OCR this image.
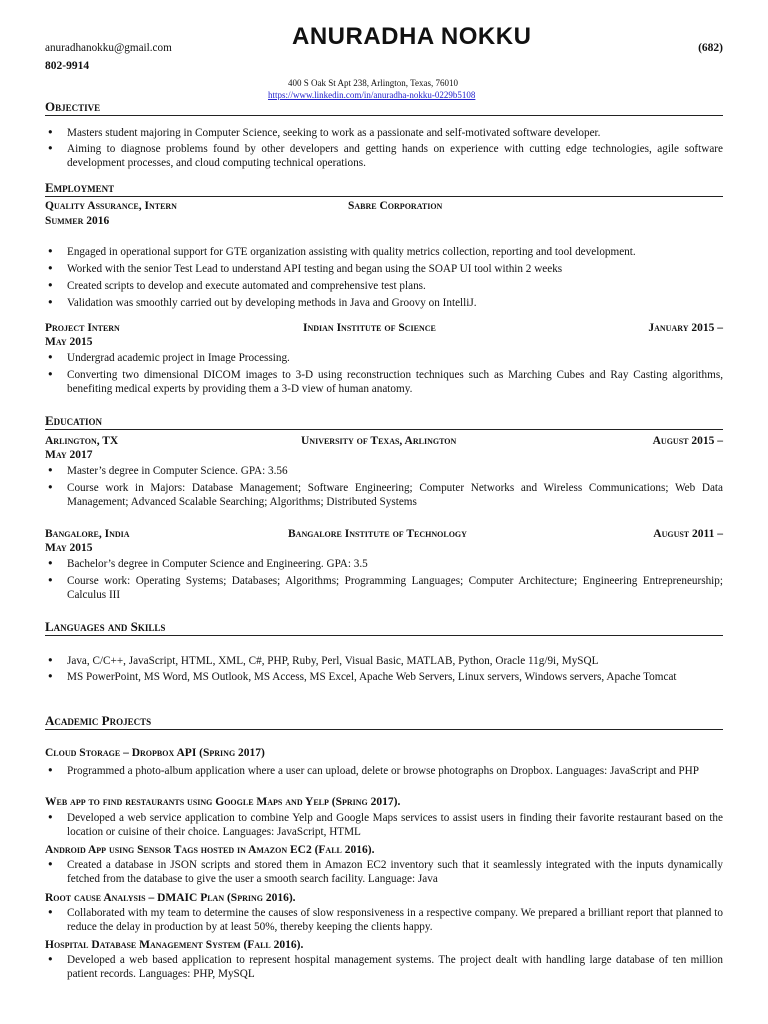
anuradhanokku@gmail.com	ANURADHA NOKKU	(682)
802-9914
400 S Oak St Apt 238, Arlington, Texas, 76010
https://www.linkedin.com/in/anuradha-nokku-0229b5108
Objective
• Masters student majoring in Computer Science, seeking to work as a passionate and self-motivated software developer.
• Aiming to diagnose problems found by other developers and getting hands on experience with cutting edge technologies, agile software development processes, and cloud computing technical operations.
Employment
Quality Assurance, Intern	Sabre Corporation
Summer 2016
• Engaged in operational support for GTE organization assisting with quality metrics collection, reporting and tool development.
• Worked with the senior Test Lead to understand API testing and began using the SOAP UI tool within 2 weeks
• Created scripts to develop and execute automated and comprehensive test plans.
• Validation was smoothly carried out by developing methods in Java and Groovy on IntelliJ.
Project Intern	Indian Institute of Science	January 2015 –
May 2015
• Undergrad academic project in Image Processing.
• Converting two dimensional DICOM images to 3-D using reconstruction techniques such as Marching Cubes and Ray Casting algorithms, benefiting medical experts by providing them a 3-D view of human anatomy.
Education
Arlington, TX	University of Texas, Arlington	August 2015 –
May 2017
• Master’s degree in Computer Science. GPA: 3.56
• Course work in Majors: Database Management; Software Engineering; Computer Networks and Wireless Communications; Web Data Management; Advanced Scalable Searching; Algorithms; Distributed Systems
Bangalore, India	Bangalore Institute of Technology	August 2011 –
May 2015
• Bachelor’s degree in Computer Science and Engineering. GPA: 3.5
• Course work: Operating Systems; Databases; Algorithms; Programming Languages; Computer Architecture; Engineering Entrepreneurship; Calculus III
Languages and Skills
• Java, C/C++, JavaScript, HTML, XML, C#, PHP, Ruby, Perl, Visual Basic, MATLAB, Python, Oracle 11g/9i, MySQL
• MS PowerPoint, MS Word, MS Outlook, MS Access, MS Excel, Apache Web Servers, Linux servers, Windows servers, Apache Tomcat
Academic Projects
Cloud Storage – Dropbox API (Spring 2017)
• Programmed a photo-album application where a user can upload, delete or browse photographs on Dropbox. Languages: JavaScript and PHP
Web app to find restaurants using Google Maps and Yelp (Spring 2017).
• Developed a web service application to combine Yelp and Google Maps services to assist users in finding their favorite restaurant based on the location or cuisine of their choice. Languages: JavaScript, HTML
Android App using Sensor Tags hosted in Amazon EC2 (Fall 2016).
• Created a database in JSON scripts and stored them in Amazon EC2 inventory such that it seamlessly integrated with the inputs dynamically fetched from the database to give the user a smooth search facility. Language: Java
Root cause Analysis – DMAIC Plan (Spring 2016).
• Collaborated with my team to determine the causes of slow responsiveness in a respective company. We prepared a brilliant report that planned to reduce the delay in production by at least 50%, thereby keeping the clients happy.
Hospital Database Management System (Fall 2016).
• Developed a web based application to represent hospital management systems. The project dealt with handling large database of ten million patient records. Languages: PHP, MySQL
